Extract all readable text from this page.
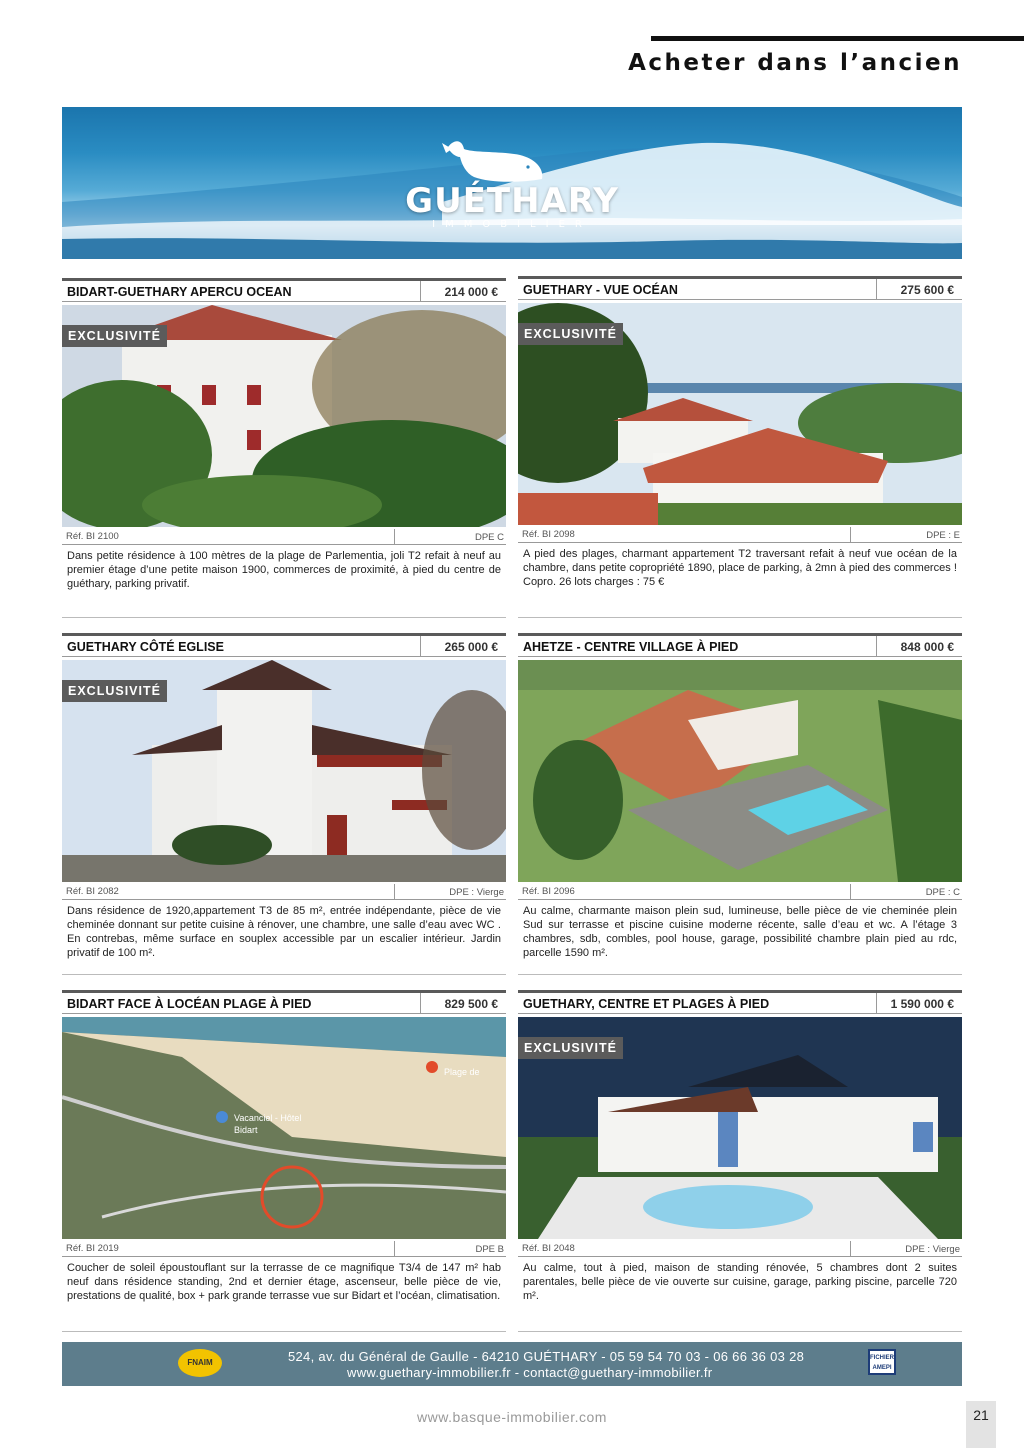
Acheter dans l’ancien
GUÉTHARY
IMMOBILIER
BIDART-GUETHARY APERCU OCEAN	214 000 €
EXCLUSIVITÉ
Réf. BI 2100	DPE C

Dans petite résidence à 100 mètres de la plage de Parlementia, joli T2 refait à neuf au premier étage d’une petite maison 1900, commerces de proximité, à pied du centre de guéthary, parking privatif.

GUETHARY - VUE OCÉAN	275 600 €
EXCLUSIVITÉ
Réf. BI 2098	DPE : E

A pied des plages, charmant appartement T2 traversant refait à neuf vue océan de la chambre, dans petite copropriété 1890, place de parking, à 2mn à pied des commerces ! Copro. 26 lots charges : 75 €

GUETHARY CÔTÉ EGLISE	265 000 €
EXCLUSIVITÉ
Réf. BI 2082	DPE : Vierge

Dans résidence de 1920,appartement T3 de 85 m², entrée indépendante, pièce de vie cheminée donnant sur petite cuisine à rénover, une chambre, une salle d’eau avec WC . En contrebas, même surface en souplex accessible par un escalier intérieur. Jardin privatif de 100 m².

AHETZE - CENTRE VILLAGE À PIED	848 000 €
Réf. BI 2096	DPE : C

Au calme, charmante maison plein sud, lumineuse, belle pièce de vie cheminée plein Sud sur terrasse et piscine cuisine moderne récente, salle d’eau et wc. A l’étage 3 chambres, sdb, combles, pool house, garage, possibilité chambre plain pied au rdc, parcelle 1590 m².

BIDART FACE À LOCÉAN PLAGE À PIED	829 500 €
Plage de
Vacanciel - Hôtel
Bidart
Réf. BI 2019	DPE B

Coucher de soleil époustouflant sur la terrasse de ce magnifique T3/4 de 147 m² hab neuf dans résidence standing, 2nd et dernier étage, ascenseur, belle pièce de vie, prestations de qualité, box + park grande terrasse vue sur Bidart et l’océan, climatisation.

GUETHARY, CENTRE ET PLAGES À PIED	1 590 000 €
EXCLUSIVITÉ
Réf. BI 2048	DPE : Vierge

Au calme, tout à pied, maison de standing rénovée, 5 chambres dont 2 suites parentales, belle pièce de vie ouverte sur cuisine, garage, parking piscine, parcelle 720 m².

FNAIM	524, av. du Général de Gaulle - 64210 GUÉTHARY - 05 59 54 70 03 - 06 66 36 03 28
www.guethary-immobilier.fr - contact@guethary-immobilier.fr
FICHIER AMEPI
www.basque-immobilier.com	21
